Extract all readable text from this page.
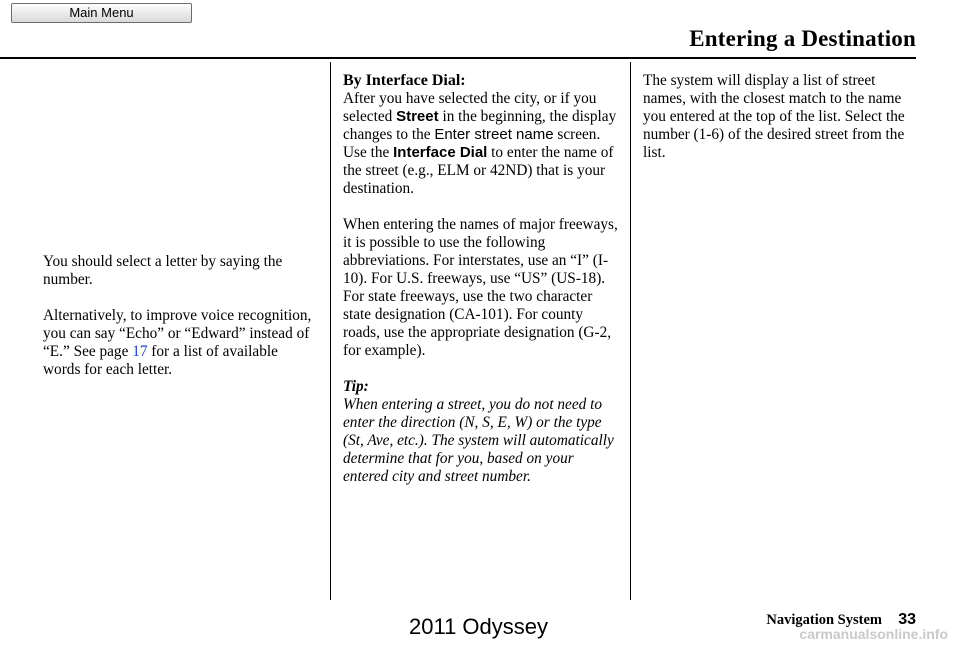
Main Menu
Entering a Destination

You should select a letter by saying the number.

Alternatively, to improve voice recognition, you can say “Echo” or “Edward” instead of “E.” See page 17 for a list of available words for each letter.

By Interface Dial:

After you have selected the city, or if you selected Street in the beginning, the display changes to the Enter street name screen. Use the Interface Dial to enter the name of the street (e.g., ELM or 42ND) that is your destination.

When entering the names of major freeways, it is possible to use the following abbreviations. For interstates, use an “I” (I-10). For U.S. freeways, use “US” (US-18). For state freeways, use the two character state designation (CA-101). For county roads, use the appropriate designation (G-2, for example).

Tip:

When entering a street, you do not need to enter the direction (N, S, E, W) or the type (St, Ave, etc.). The system will automatically determine that for you, based on your entered city and street number.

The system will display a list of street names, with the closest match to the name you entered at the top of the list. Select the number (1-6) of the desired street from the list.

Navigation System 33
2011 Odyssey	carmanualsonline.info
